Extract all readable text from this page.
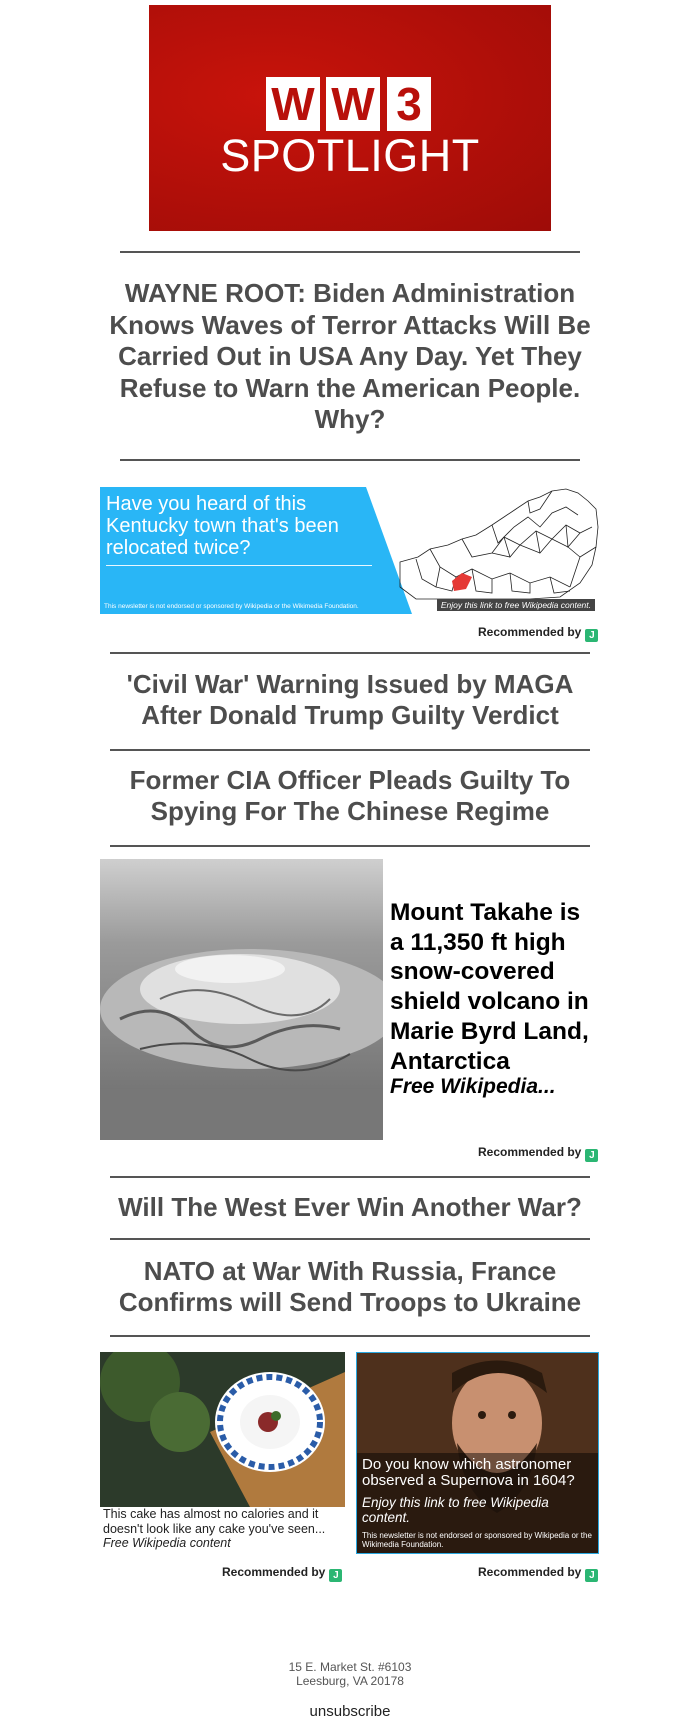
W W 3
SPOTLIGHT
WAYNE ROOT: Biden Administration Knows Waves of Terror Attacks Will Be Carried Out in USA Any Day. Yet They Refuse to Warn the American People. Why?
Have you heard of this Kentucky town that's been relocated twice?
This newsletter is not endorsed or sponsored by Wikipedia or the Wikimedia Foundation.	Enjoy this link to free Wikipedia content.
Recommended by J
'Civil War' Warning Issued by MAGA After Donald Trump Guilty Verdict
Former CIA Officer Pleads Guilty To Spying For The Chinese Regime
Mount Takahe is a 11,350 ft high snow-covered shield volcano in Marie Byrd Land, Antarctica
Free Wikipedia...
Recommended by J
Will The West Ever Win Another War?
NATO at War With Russia, France Confirms will Send Troops to Ukraine
This cake has almost no calories and it doesn't look like any cake you've seen...
Free Wikipedia content
Recommended by J
Do you know which astronomer observed a Supernova in 1604?
Enjoy this link to free Wikipedia content.
This newsletter is not endorsed or sponsored by Wikipedia or the Wikimedia Foundation.
Recommended by J
15 E. Market St. #6103
Leesburg, VA 20178
unsubscribe
